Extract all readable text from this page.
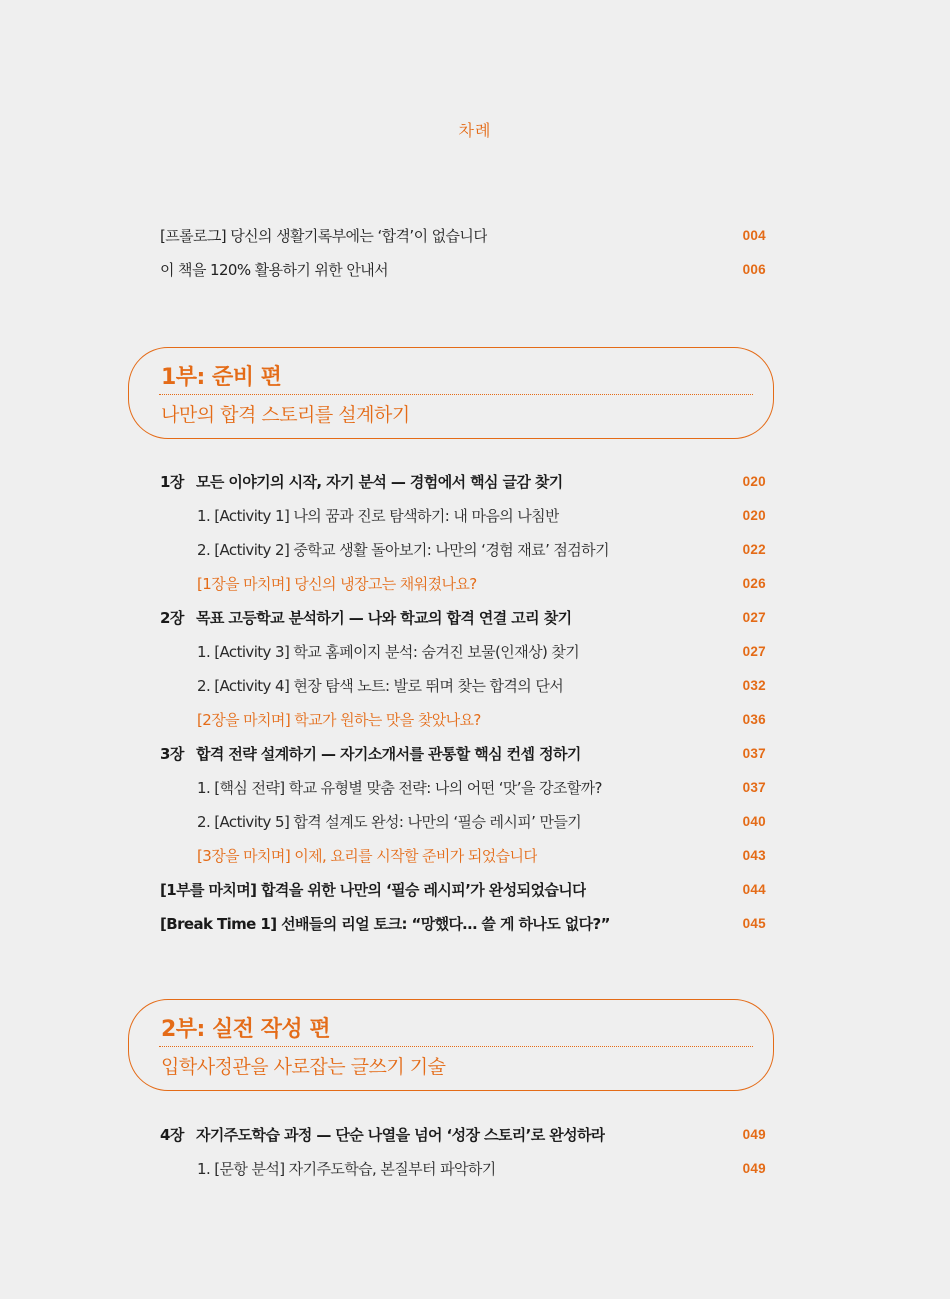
차례
[프롤로그] 당신의 생활기록부에는 ‘합격’이 없습니다	004
이 책을 120% 활용하기 위한 안내서	006
1부: 준비 편
나만의 합격 스토리를 설계하기
1장 모든 이야기의 시작, 자기 분석 — 경험에서 핵심 글감 찾기	020
1. [Activity 1] 나의 꿈과 진로 탐색하기: 내 마음의 나침반	020
2. [Activity 2] 중학교 생활 돌아보기: 나만의 ‘경험 재료’ 점검하기	022
[1장을 마치며] 당신의 냉장고는 채워졌나요?	026
2장 목표 고등학교 분석하기 — 나와 학교의 합격 연결 고리 찾기	027
1. [Activity 3] 학교 홈페이지 분석: 숨겨진 보물(인재상) 찾기	027
2. [Activity 4] 현장 탐색 노트: 발로 뛰며 찾는 합격의 단서	032
[2장을 마치며] 학교가 원하는 맛을 찾았나요?	036
3장 합격 전략 설계하기 — 자기소개서를 관통할 핵심 컨셉 정하기	037
1. [핵심 전략] 학교 유형별 맞춤 전략: 나의 어떤 ‘맛’을 강조할까?	037
2. [Activity 5] 합격 설계도 완성: 나만의 ‘필승 레시피’ 만들기	040
[3장을 마치며] 이제, 요리를 시작할 준비가 되었습니다	043
[1부를 마치며] 합격을 위한 나만의 ‘필승 레시피’가 완성되었습니다	044
[Break Time 1] 선배들의 리얼 토크: “망했다… 쓸 게 하나도 없다?”	045
2부: 실전 작성 편
입학사정관을 사로잡는 글쓰기 기술
4장 자기주도학습 과정 — 단순 나열을 넘어 ‘성장 스토리’로 완성하라	049
1. [문항 분석] 자기주도학습, 본질부터 파악하기	049
